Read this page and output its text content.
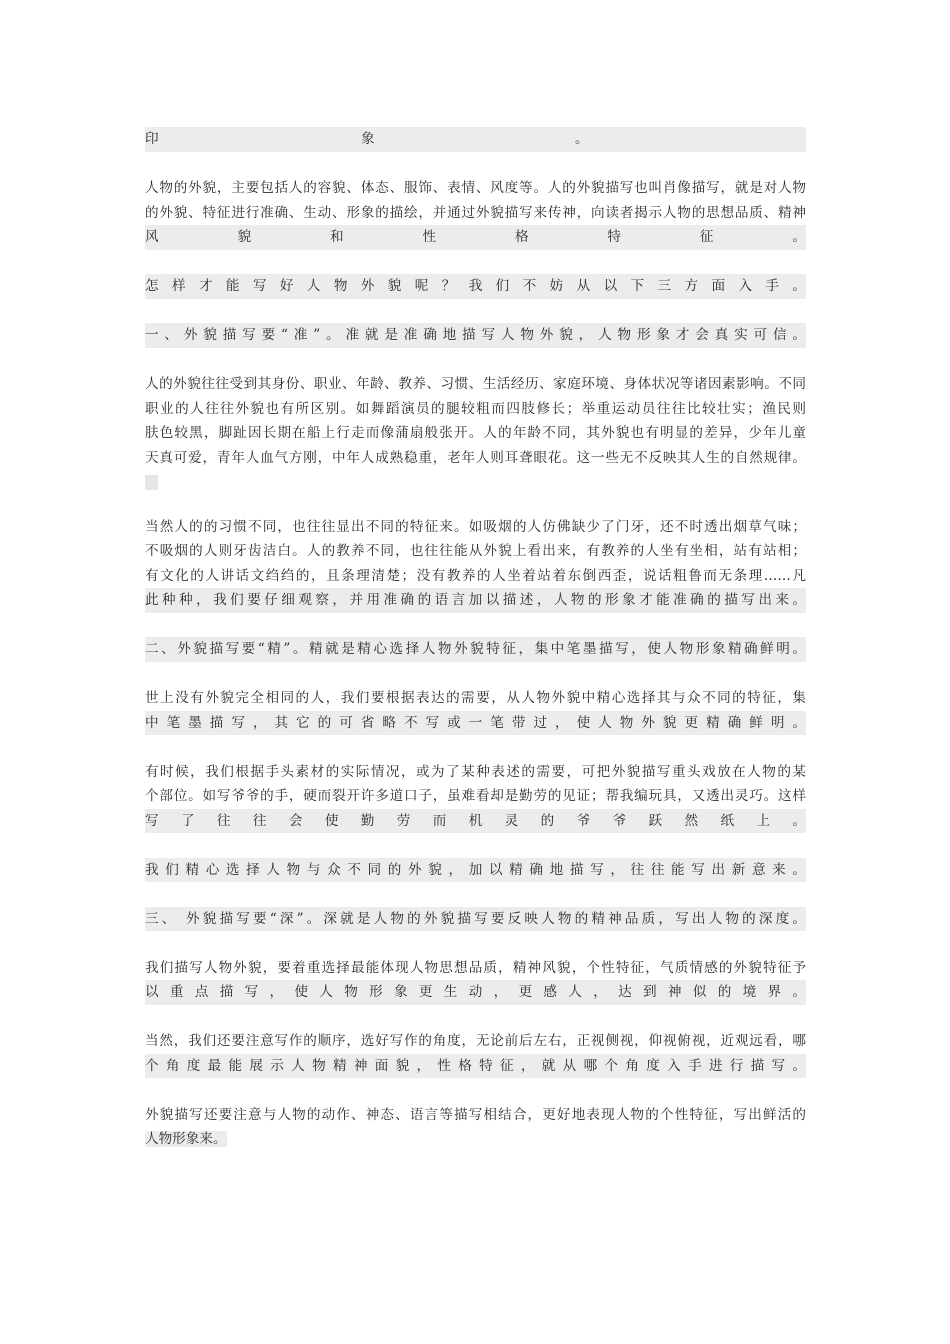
印	象	。
人物的外貌，主要包括人的容貌、体态、服饰、表情、风度等。人的外貌描写也叫肖像描写，就是对人物
的外貌、特征进行准确、生动、形象的描绘，并通过外貌描写来传神，向读者揭示人物的思想品质、精神
风　　貌　　和　　性　　格　　特　　征　　。
怎样才能写好人物外貌呢？我们不妨从以下三方面入手。
一、外貌描写要“准”。准就是准确地描写人物外貌，人物形象才会真实可信。
人的外貌往往受到其身份、职业、年龄、教养、习惯、生活经历、家庭环境、身体状况等诸因素影响。不同
职业的人往往外貌也有所区别。如舞蹈演员的腿较粗而四肢修长；举重运动员往往比较壮实；渔民则
肤色较黑，脚趾因长期在船上行走而像蒲扇般张开。人的年龄不同，其外貌也有明显的差异，少年儿童
天真可爱，青年人血气方刚，中年人成熟稳重，老年人则耳聋眼花。这一些无不反映其人生的自然规律。
当然人的的习惯不同，也往往显出不同的特征来。如吸烟的人仿佛缺少了门牙，还不时透出烟草气味；
不吸烟的人则牙齿洁白。人的教养不同，也往往能从外貌上看出来，有教养的人坐有坐相，站有站相；
有文化的人讲话文绉绉的，且条理清楚；没有教养的人坐着站着东倒西歪，说话粗鲁而无条理……凡
此种种，我们要仔细观察，并用准确的语言加以描述，人物的形象才能准确的描写出来。
二、外貌描写要“精”。精就是精心选择人物外貌特征，集中笔墨描写，使人物形象精确鲜明。
世上没有外貌完全相同的人，我们要根据表达的需要，从人物外貌中精心选择其与众不同的特征，集
中笔墨描写，其它的可省略不写或一笔带过，使人物外貌更精确鲜明。
有时候，我们根据手头素材的实际情况，或为了某种表述的需要，可把外貌描写重头戏放在人物的某
个部位。如写爷爷的手，硬而裂开许多道口子，虽难看却是勤劳的见证；帮我编玩具，又透出灵巧。这样
写了往往会使勤劳而机灵的爷爷跃然纸上。
我们精心选择人物与众不同的外貌，加以精确地描写，往往能写出新意来。
三、 外貌描写要“深”。深就是人物的外貌描写要反映人物的精神品质，写出人物的深度。
我们描写人物外貌，要着重选择最能体现人物思想品质，精神风貌，个性特征，气质情感的外貌特征予
以重点描写，使人物形象更生动，更感人，达到神似的境界。
当然，我们还要注意写作的顺序，选好写作的角度，无论前后左右，正视侧视，仰视俯视，近观远看，哪
个角度最能展示人物精神面貌，性格特征，就从哪个角度入手进行描写。
外貌描写还要注意与人物的动作、神态、语言等描写相结合，更好地表现人物的个性特征，写出鲜活的
人物形象来。
